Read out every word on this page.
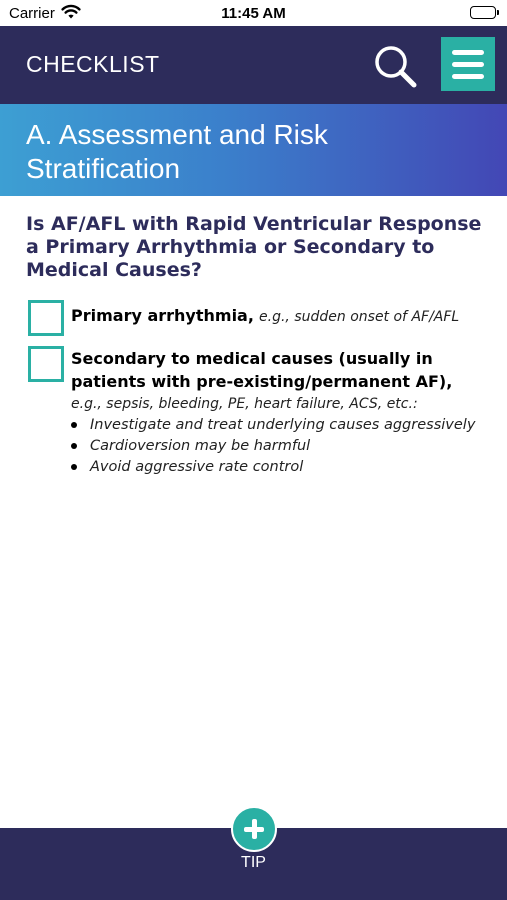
Carrier	11:45 AM
CHECKLIST
A. Assessment and Risk Stratification
Is AF/AFL with Rapid Ventricular Response a Primary Arrhythmia or Secondary to Medical Causes?
Primary arrhythmia, e.g., sudden onset of AF/AFL
Secondary to medical causes (usually in patients with pre-existing/permanent AF),
e.g., sepsis, bleeding, PE, heart failure, ACS, etc.:
Investigate and treat underlying causes aggressively
Cardioversion may be harmful
Avoid aggressive rate control
TIP
